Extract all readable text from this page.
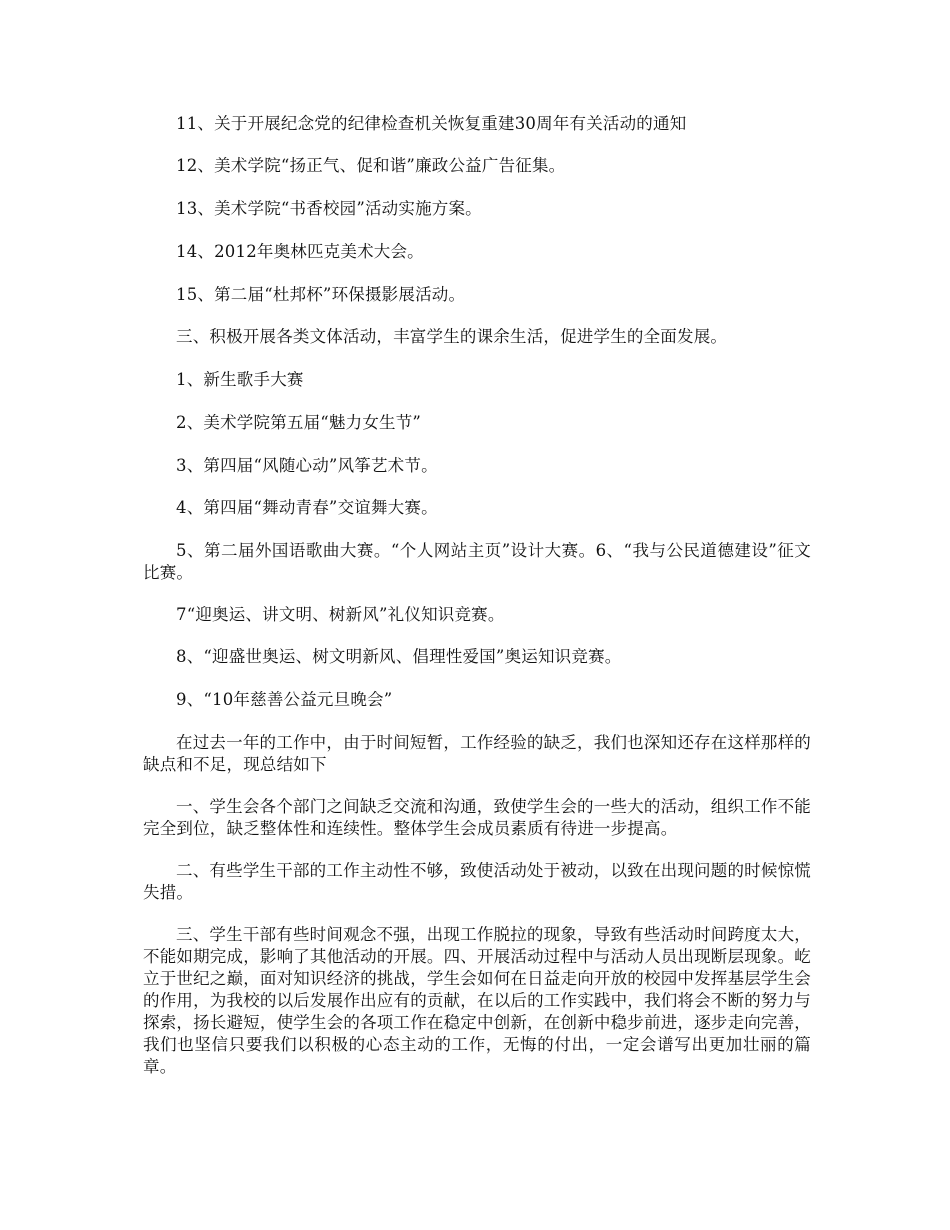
11、关于开展纪念党的纪律检查机关恢复重建30周年有关活动的通知

12、美术学院“扬正气、促和谐”廉政公益广告征集。

13、美术学院“书香校园”活动实施方案。

14、2012年奥林匹克美术大会。

15、第二届“杜邦杯”环保摄影展活动。

三、积极开展各类文体活动，丰富学生的课余生活，促进学生的全面发展。

1、新生歌手大赛

2、美术学院第五届“魅力女生节”

3、第四届“风随心动”风筝艺术节。

4、第四届“舞动青春”交谊舞大赛。

5、第二届外国语歌曲大赛。“个人网站主页”设计大赛。6、“我与公民道德建设”征文比赛。

7“迎奥运、讲文明、树新风”礼仪知识竞赛。

8、“迎盛世奥运、树文明新风、倡理性爱国”奥运知识竞赛。

9、“10年慈善公益元旦晚会”

在过去一年的工作中，由于时间短暂，工作经验的缺乏，我们也深知还存在这样那样的缺点和不足，现总结如下

一、学生会各个部门之间缺乏交流和沟通，致使学生会的一些大的活动，组织工作不能完全到位，缺乏整体性和连续性。整体学生会成员素质有待进一步提高。

二、有些学生干部的工作主动性不够，致使活动处于被动，以致在出现问题的时候惊慌失措。

三、学生干部有些时间观念不强，出现工作脱拉的现象，导致有些活动时间跨度太大，不能如期完成，影响了其他活动的开展。四、开展活动过程中与活动人员出现断层现象。屹立于世纪之巅，面对知识经济的挑战，学生会如何在日益走向开放的校园中发挥基层学生会的作用，为我校的以后发展作出应有的贡献，在以后的工作实践中，我们将会不断的努力与探索，扬长避短，使学生会的各项工作在稳定中创新，在创新中稳步前进，逐步走向完善，我们也坚信只要我们以积极的心态主动的工作，无悔的付出，一定会谱写出更加壮丽的篇章。
